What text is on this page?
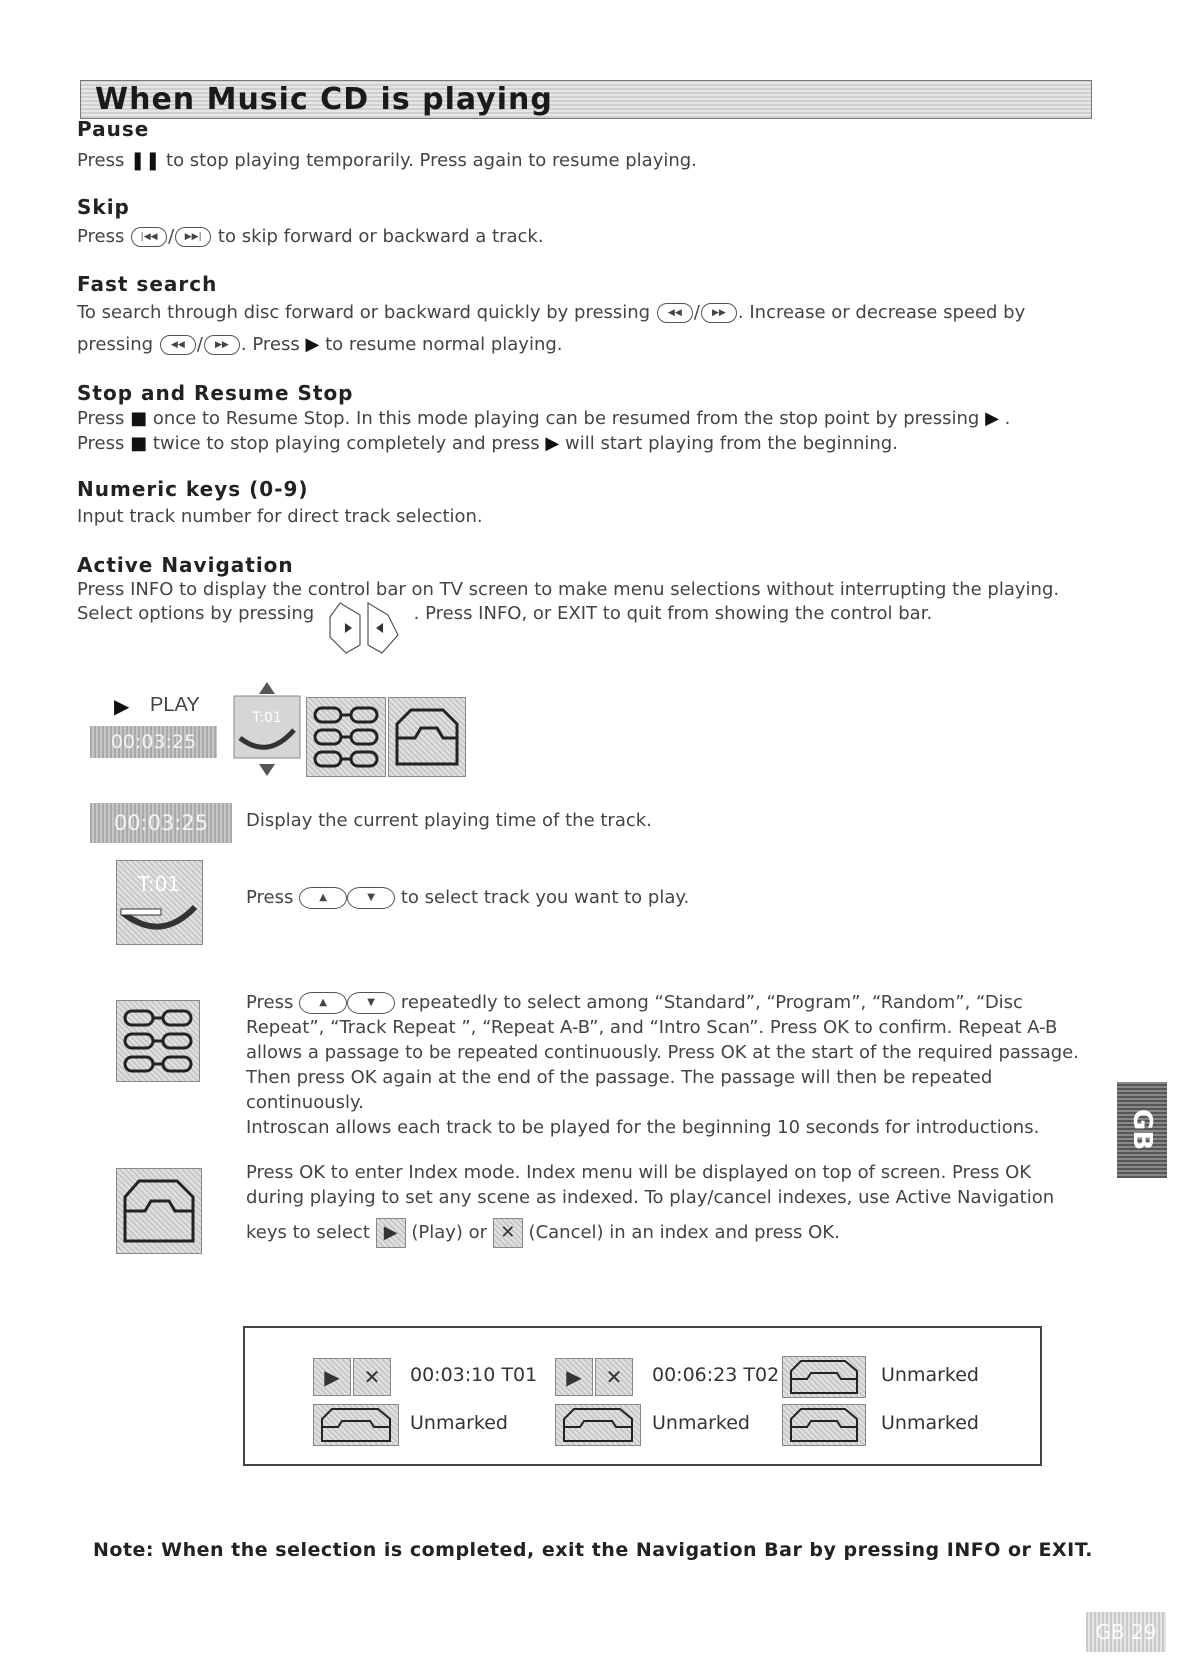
When Music CD is playing
Pause

Press ❚❚ to stop playing temporarily. Press again to resume playing.

Skip

Press |◀◀ / ▶▶| to skip forward or backward a track.

Fast search

To search through disc forward or backward quickly by pressing ◀◀ / ▶▶ . Increase or decrease speed by

pressing ◀◀ / ▶▶ . Press ▶ to resume normal playing.

Stop and Resume Stop

Press ■ once to Resume Stop. In this mode playing can be resumed from the stop point by pressing ▶ .

Press ■ twice to stop playing completely and press ▶ will start playing from the beginning.

Numeric keys (0-9)

Input track number for direct track selection.

Active Navigation

Press INFO to display the control bar on TV screen to make menu selections without interrupting the playing.

Select options by pressing	. Press INFO, or EXIT to quit from showing the control bar.

▶ PLAY
00:03:25
T:01
00:03:25	Display the current playing time of the track.

T:01

Press	▲	▼ to select track you want to play.

Press	▲	▼ repeatedly to select among “Standard”, “Program”, “Random”, “Disc

Repeat”, “Track Repeat ”, “Repeat A-B”, and “Intro Scan”. Press OK to confirm. Repeat A-B

allows a passage to be repeated continuously. Press OK at the start of the required passage.

Then press OK again at the end of the passage. The passage will then be repeated continuously.

Introscan allows each track to be played for the beginning 10 seconds for introductions.

Press OK to enter Index mode. Index menu will be displayed on top of screen. Press OK

during playing to set any scene as indexed. To play/cancel indexes, use Active Navigation

keys to select ▶ (Play) or ✕ (Cancel) in an index and press OK.

▶	✕	00:03:10 T01	▶	✕	00:06:23 T02	Unmarked
Unmarked	Unmarked	Unmarked
Note: When the selection is completed, exit the Navigation Bar by pressing INFO or EXIT.
GB
GB 29
